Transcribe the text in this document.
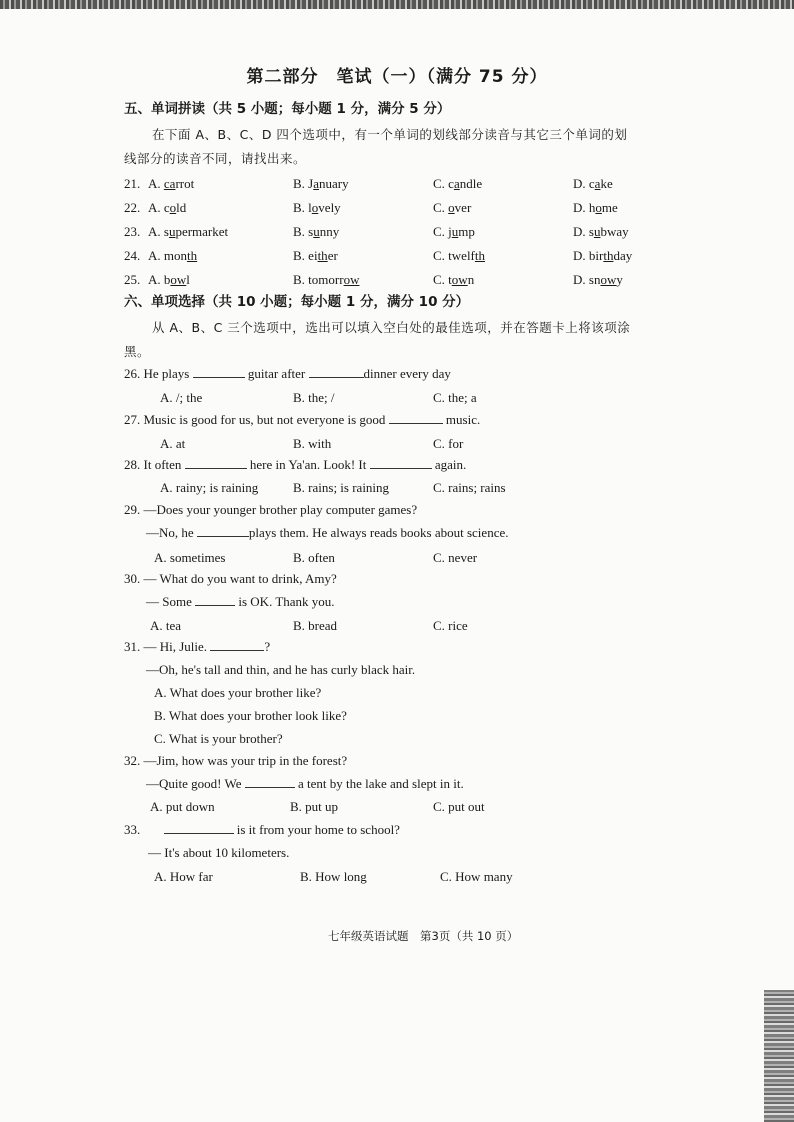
第二部分　笔试（一）（满分 75 分）
五、单词拼读（共 5 小题；每小题 1 分，满分 5 分）
在下面 A、B、C、D 四个选项中，有一个单词的划线部分读音与其它三个单词的划
线部分的读音不同，请找出来。
21. A. carrot	B. January	C. candle	D. cake
22. A. cold	B. lovely	C. over	D. home
23. A. supermarket	B. sunny	C. jump	D. subway
24. A. month	B. either	C. twelfth	D. birthday
25. A. bowl	B. tomorrow	C. town	D. snowy
六、单项选择（共 10 小题；每小题 1 分，满分 10 分）
从 A、B、C 三个选项中，选出可以填入空白处的最佳选项，并在答题卡上将该项涂
黑。
26. He plays	guitar after	dinner every day
A. /; the	B. the; /	C. the; a
27. Music is good for us, but not everyone is good	music.
A. at	B. with	C. for
28. It often	here in Ya'an. Look! It	again.
A. rainy; is raining	B. rains; is raining	C. rains; rains
29. —Does your younger brother play computer games?
—No, he	plays them. He always reads books about science.
A. sometimes	B. often	C. never
30. — What do you want to drink, Amy?
— Some	is OK. Thank you.
A. tea	B. bread	C. rice
31. — Hi, Julie.	?
—Oh, he's tall and thin, and he has curly black hair.
A. What does your brother like?
B. What does your brother look like?
C. What is your brother?
32. —Jim, how was your trip in the forest?
—Quite good! We	a tent by the lake and slept in it.
A. put down	B. put up	C. put out
33.	is it from your home to school?
— It's about 10 kilometers.
A. How far	B. How long	C. How many
七年级英语试题　第3页（共 10 页）
